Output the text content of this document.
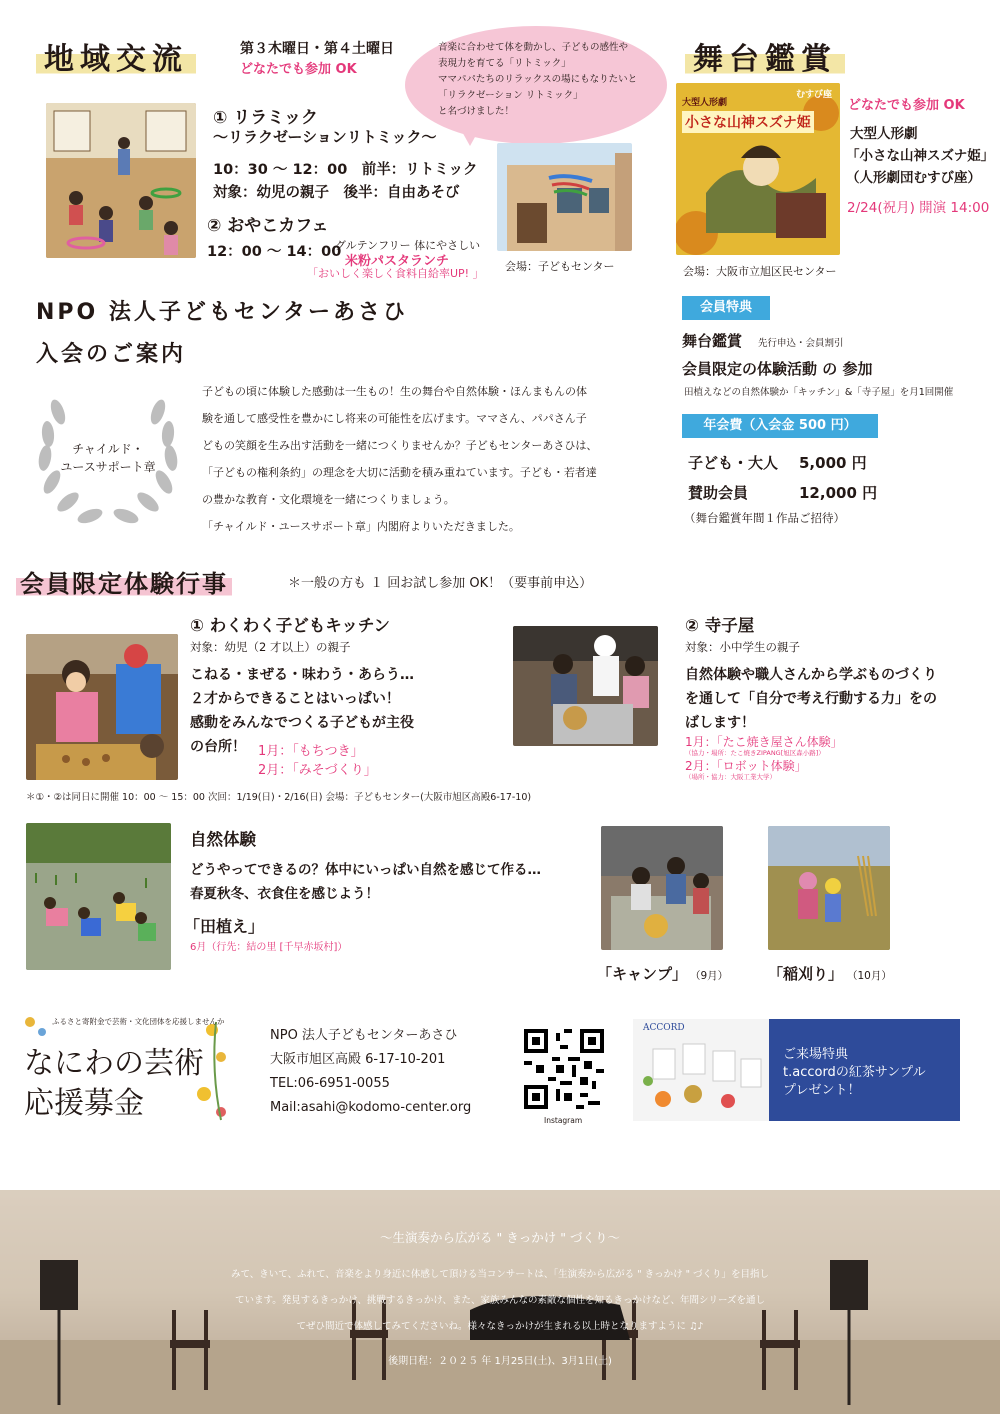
地域交流	第３木曜日・第４土曜日
どなたでも参加 OK
音楽に合わせて体を動かし、子どもの感性や
表現力を育てる「リトミック」
ママパパたちのリラックスの場にもなりたいと
「リラクゼーション リトミック」
と名づけました！
① リラミック
〜リラクゼーションリトミック〜
10：30 〜 12：00　前半：リトミック
対象：幼児の親子　後半：自由あそび
② おやこカフェ
12：00 〜 14：00
グルテンフリー 体にやさしい
米粉パスタランチ
「おいしく楽しく食料自給率UP! 」
会場：子どもセンター
舞台鑑賞
むすび座
大型人形劇
小さな山神スズナ姫
どなたでも参加 OK
大型人形劇
「小さな山神スズナ姫」
（人形劇団むすび座）
2/24(祝月) 開演 14:00
会場：大阪市立旭区民センター
NPO 法人子どもセンターあさひ
入会のご案内
チャイルド・
ユースサポート章
子どもの頃に体験した感動は一生もの！生の舞台や自然体験・ほんまもんの体
験を通して感受性を豊かにし将来の可能性を広げます。ママさん、パパさん子
どもの笑顔を生み出す活動を一緒につくりませんか？子どもセンターあさひは、
「子どもの権利条約」の理念を大切に活動を積み重ねています。子ども・若者達
の豊かな教育・文化環境を一緒につくりましょう。
「チャイルド・ユースサポート章」内閣府よりいただきました。
会員特典
舞台鑑賞 先行申込・会員割引
会員限定の体験活動 の 参加
田植えなどの自然体験か「キッチン」&「寺子屋」を月1回開催
年会費（入会金 500 円）
子ども・大人 5,000 円
賛助会員	12,000 円
（舞台鑑賞年間１作品ご招待）
会員限定体験行事	＊一般の方も １ 回お試し参加 OK！（要事前申込）
① わくわく子どもキッチン
対象：幼児（2 才以上）の親子
こねる・まぜる・味わう・あらう…
２才からできることはいっぱい！
感動をみんなでつくる子どもが主役
の台所！ 1月：「もちつき」
2月：「みそづくり」
② 寺子屋
対象：小中学生の親子
自然体験や職人さんから学ぶものづくり
を通して「自分で考え行動する力」をの
ばします！
1月：「たこ焼き屋さん体験」
（協力・場所：たこ焼きZIPANG[旭区森小路]）
2月：「ロボット体験」
（場所・協力：大阪工業大学）
＊①・②は同日に開催 10：00 〜 15：00 次回：1/19(日)・2/16(日) 会場：子どもセンター(大阪市旭区高殿6-17-10)
自然体験
どうやってできるの？体中にいっぱい自然を感じて作る…
春夏秋冬、衣食住を感じよう！
「田植え」
6月（行先：結の里 [千早赤坂村]）
「キャンプ」 （9月）	「稲刈り」 （10月）
ふるさと寄附金で芸術・文化団体を応援しませんか
なにわの芸術
応援募金
NPO 法人子どもセンターあさひ
大阪市旭区高殿 6-17-10-201
TEL:06-6951-0055
Mail:asahi@kodomo-center.org
Instagram
ACCORD
ご来場特典
t.accordの紅茶サンプル
プレゼント！
〜生演奏から広がる " きっかけ " づくり〜
みて、きいて、ふれて、音楽をより身近に体感して頂ける当コンサートは、「生演奏から広がる " きっかけ " づくり」を目指し
ています。発見するきっかけ、挑戦するきっかけ、また、家族みんなの素敵な個性を知るきっかけなど、年間シリーズを通し
てぜひ間近で体感してみてくださいね。様々なきっかけが生まれる以上時となりますように ♫♪
後期日程：２０２５ 年 1月25日(土)、3月1日(土)
